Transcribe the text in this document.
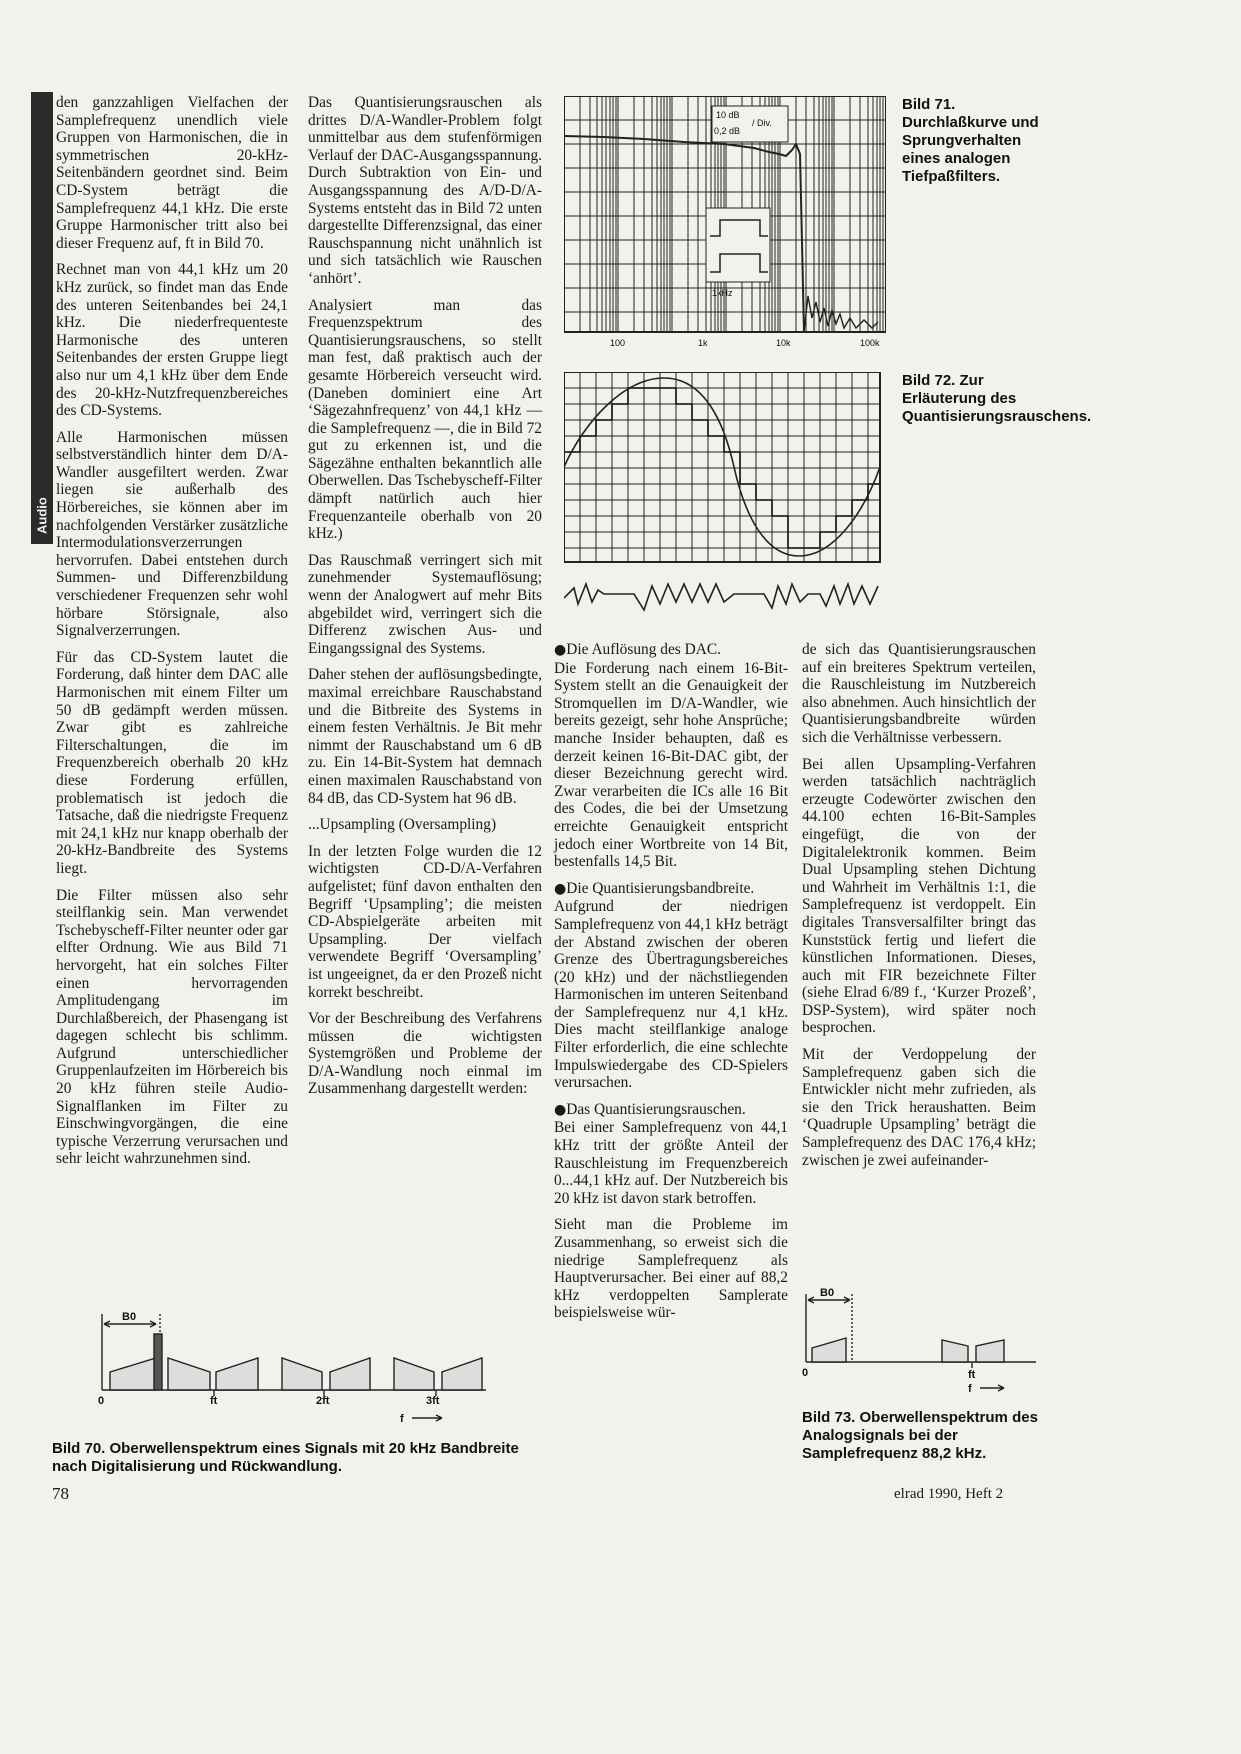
Audio

den ganzzahligen Vielfachen der Samplefrequenz unendlich viele Gruppen von Harmonischen, die in symmetrischen 20-kHz-Seitenbändern geordnet sind. Beim CD-System beträgt die Samplefrequenz 44,1 kHz. Die erste Gruppe Harmonischer tritt also bei dieser Frequenz auf, ft in Bild 70.

Rechnet man von 44,1 kHz um 20 kHz zurück, so findet man das Ende des unteren Seitenbandes bei 24,1 kHz. Die niederfrequenteste Harmonische des unteren Seitenbandes der ersten Gruppe liegt also nur um 4,1 kHz über dem Ende des 20-kHz-Nutzfrequenzbereiches des CD-Systems.

Alle Harmonischen müssen selbstverständlich hinter dem D/A-Wandler ausgefiltert werden. Zwar liegen sie außerhalb des Hörbereiches, sie können aber im nachfolgenden Verstärker zusätzliche Intermodulationsverzerrungen hervorrufen. Dabei entstehen durch Summen- und Differenzbildung verschiedener Frequenzen sehr wohl hörbare Störsignale, also Signalverzerrungen.

Für das CD-System lautet die Forderung, daß hinter dem DAC alle Harmonischen mit einem Filter um 50 dB gedämpft werden müssen. Zwar gibt es zahlreiche Filterschaltungen, die im Frequenzbereich oberhalb 20 kHz diese Forderung erfüllen, problematisch ist jedoch die Tatsache, daß die niedrigste Frequenz mit 24,1 kHz nur knapp oberhalb der 20-kHz-Bandbreite des Systems liegt.

Die Filter müssen also sehr steilflankig sein. Man verwendet Tschebyscheff-Filter neunter oder gar elfter Ordnung. Wie aus Bild 71 hervorgeht, hat ein solches Filter einen hervorragenden Amplitudengang im Durchlaßbereich, der Phasengang ist dagegen schlecht bis schlimm. Aufgrund unterschiedlicher Gruppenlaufzeiten im Hörbereich bis 20 kHz führen steile Audio-Signalflanken im Filter zu Einschwingvorgängen, die eine typische Verzerrung verursachen und sehr leicht wahrzunehmen sind.

Das Quantisierungsrauschen als drittes D/A-Wandler-Problem folgt unmittelbar aus dem stufenförmigen Verlauf der DAC-Ausgangsspannung. Durch Subtraktion von Ein- und Ausgangsspannung des A/D-D/A-Systems entsteht das in Bild 72 unten dargestellte Differenzsignal, das einer Rauschspannung nicht unähnlich ist und sich tatsächlich wie Rauschen ‘anhört’.

Analysiert man das Frequenzspektrum des Quantisierungsrauschens, so stellt man fest, daß praktisch auch der gesamte Hörbereich verseucht wird. (Daneben dominiert eine Art ‘Sägezahnfrequenz’ von 44,1 kHz — die Samplefrequenz —, die in Bild 72 gut zu erkennen ist, und die Sägezähne enthalten bekanntlich alle Oberwellen. Das Tschebyscheff-Filter dämpft natürlich auch hier Frequenzanteile oberhalb von 20 kHz.)

Das Rauschmaß verringert sich mit zunehmender Systemauflösung; wenn der Analogwert auf mehr Bits abgebildet wird, verringert sich die Differenz zwischen Aus- und Eingangssignal des Systems.

Daher stehen der auflösungsbedingte, maximal erreichbare Rauschabstand und die Bitbreite des Systems in einem festen Verhältnis. Je Bit mehr nimmt der Rauschabstand um 6 dB zu. Ein 14-Bit-System hat demnach einen maximalen Rauschabstand von 84 dB, das CD-System hat 96 dB.

...Upsampling (Oversampling)

In der letzten Folge wurden die 12 wichtigsten CD-D/A-Verfahren aufgelistet; fünf davon enthalten den Begriff ‘Upsampling’; die meisten CD-Abspielgeräte arbeiten mit Upsampling. Der vielfach verwendete Begriff ‘Oversampling’ ist ungeeignet, da er den Prozeß nicht korrekt beschreibt.

Vor der Beschreibung des Verfahrens müssen die wichtigsten Systemgrößen und Probleme der D/A-Wandlung noch einmal im Zusammenhang dargestellt werden:

●Die Auflösung des DAC.

Die Forderung nach einem 16-Bit-System stellt an die Genauigkeit der Stromquellen im D/A-Wandler, wie bereits gezeigt, sehr hohe Ansprüche; manche Insider behaupten, daß es derzeit keinen 16-Bit-DAC gibt, der dieser Bezeichnung gerecht wird. Zwar verarbeiten die ICs alle 16 Bit des Codes, die bei der Umsetzung erreichte Genauigkeit entspricht jedoch einer Wortbreite von 14 Bit, bestenfalls 14,5 Bit.

●Die Quantisierungsbandbreite.

Aufgrund der niedrigen Samplefrequenz von 44,1 kHz beträgt der Abstand zwischen der oberen Grenze des Übertragungsbereiches (20 kHz) und der nächstliegenden Harmonischen im unteren Seitenband der Samplefrequenz nur 4,1 kHz. Dies macht steilflankige analoge Filter erforderlich, die eine schlechte Impulswiedergabe des CD-Spielers verursachen.

●Das Quantisierungsrauschen.

Bei einer Samplefrequenz von 44,1 kHz tritt der größte Anteil der Rauschleistung im Frequenzbereich 0...44,1 kHz auf. Der Nutzbereich bis 20 kHz ist davon stark betroffen.

Sieht man die Probleme im Zusammenhang, so erweist sich die niedrige Samplefrequenz als Hauptverursacher. Bei einer auf 88,2 kHz verdoppelten Samplerate beispielsweise wür-

de sich das Quantisierungsrauschen auf ein breiteres Spektrum verteilen, die Rauschleistung im Nutzbereich also abnehmen. Auch hinsichtlich der Quantisierungsbandbreite würden sich die Verhältnisse verbessern.

Bei allen Upsampling-Verfahren werden tatsächlich nachträglich erzeugte Codewörter zwischen den 44.100 echten 16-Bit-Samples eingefügt, die von der Digitalelektronik kommen. Beim Dual Upsampling stehen Dichtung und Wahrheit im Verhältnis 1:1, die Samplefrequenz ist verdoppelt. Ein digitales Transversalfilter bringt das Kunststück fertig und liefert die künstlichen Informationen. Dieses, auch mit FIR bezeichnete Filter (siehe Elrad 6/89 f., ‘Kurzer Prozeß’, DSP-System), wird später noch besprochen.

Mit der Verdoppelung der Samplefrequenz gaben sich die Entwickler nicht mehr zufrieden, als sie den Trick heraushatten. Beim ‘Quadruple Upsampling’ beträgt die Samplefrequenz des DAC 176,4 kHz; zwischen je zwei aufeinander-

10 dB
0,2 dB
/ Div.
1kHz
100	1k	10k	100k
B0
0	ft	2ft	3ft
f
B0
0	ft
f
Bild 71. Durchlaßkurve und Sprungverhalten eines analogen Tiefpaßfilters.
Bild 72. Zur Erläuterung des Quantisierungsrauschens.
Bild 73. Oberwellenspektrum des Analogsignals bei der Samplefrequenz 88,2 kHz.
Bild 70. Oberwellenspektrum eines Signals mit 20 kHz Bandbreite nach Digitalisierung und Rückwandlung.
78	elrad 1990, Heft 2
